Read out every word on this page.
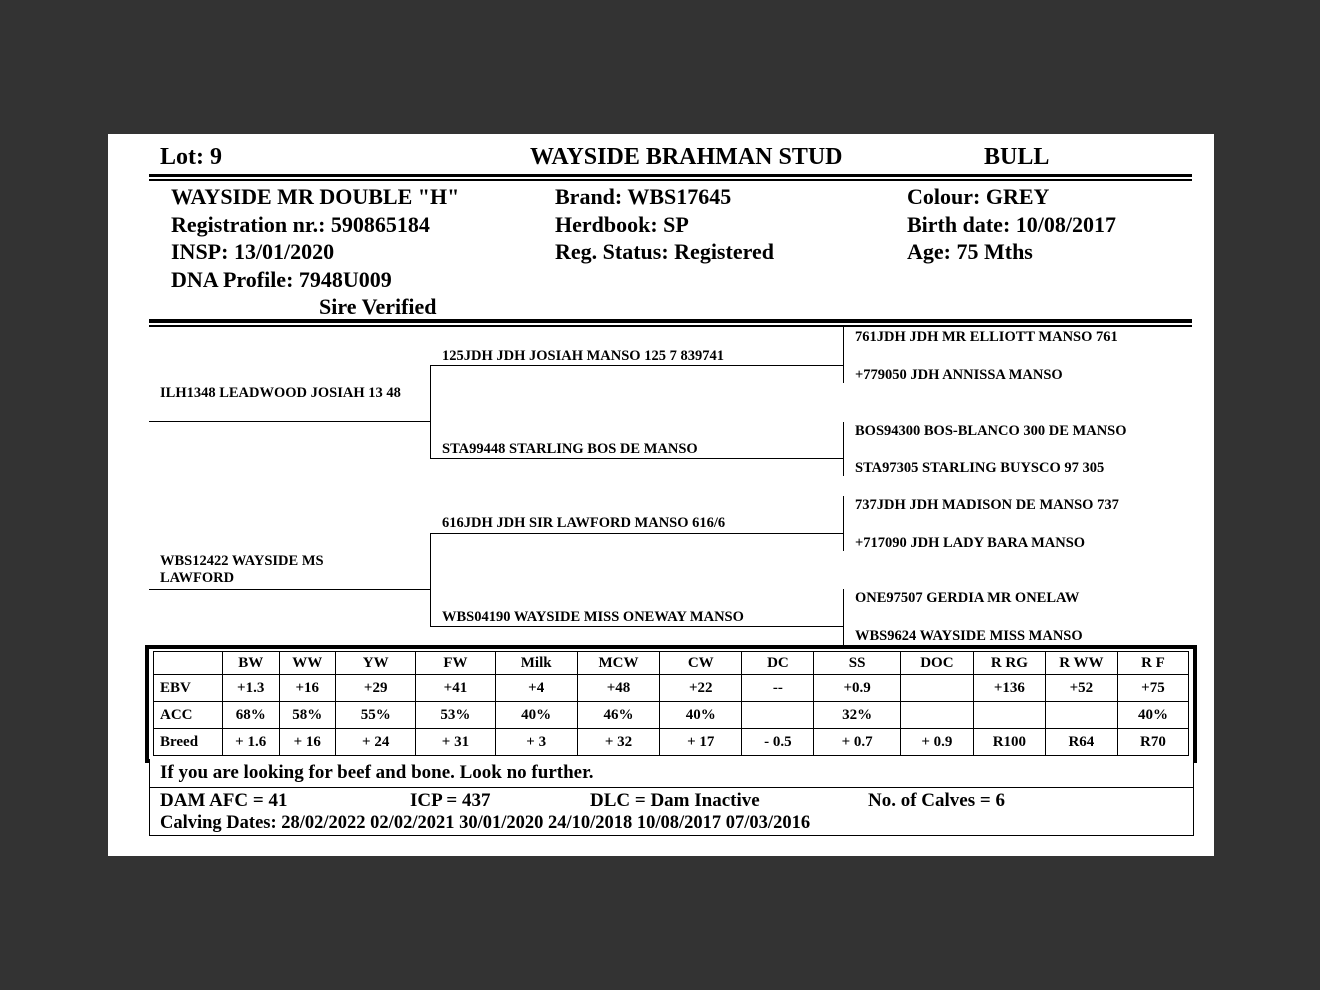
Lot: 9	WAYSIDE BRAHMAN STUD	BULL
WAYSIDE MR DOUBLE "H"
Registration nr.: 590865184
INSP: 13/01/2020
DNA Profile: 7948U009
Sire Verified
Brand: WBS17645
Herdbook: SP
Reg. Status: Registered
Colour: GREY
Birth date: 10/08/2017
Age: 75 Mths
ILH1348 LEADWOOD JOSIAH 13 48
125JDH JDH JOSIAH MANSO 125 7 839741
STA99448 STARLING BOS DE MANSO
WBS12422 WAYSIDE MS LAWFORD
616JDH JDH SIR LAWFORD MANSO 616/6
WBS04190 WAYSIDE MISS ONEWAY MANSO
761JDH JDH MR ELLIOTT MANSO 761
+779050 JDH ANNISSA MANSO
BOS94300 BOS-BLANCO 300 DE MANSO
STA97305 STARLING BUYSCO 97 305
737JDH JDH MADISON DE MANSO 737
+717090 JDH LADY BARA MANSO
ONE97507 GERDIA MR ONELAW
WBS9624 WAYSIDE MISS MANSO
	BW	WW	YW	FW	Milk	MCW	CW	DC	SS	DOC	R RG	R WW	R F
EBV	+1.3	+16	+29	+41	+4	+48	+22	--	+0.9		+136	+52	+75
ACC	68%	58%	55%	53%	40%	46%	40%		32%				40%
Breed	+ 1.6	+ 16	+ 24	+ 31	+ 3	+ 32	+ 17	- 0.5	+ 0.7	+ 0.9	R100	R64	R70
If you are looking for beef and bone. Look no further.
DAM AFC = 41	ICP = 437	DLC = Dam Inactive	No. of Calves = 6
Calving Dates: 28/02/2022 02/02/2021 30/01/2020 24/10/2018 10/08/2017 07/03/2016
